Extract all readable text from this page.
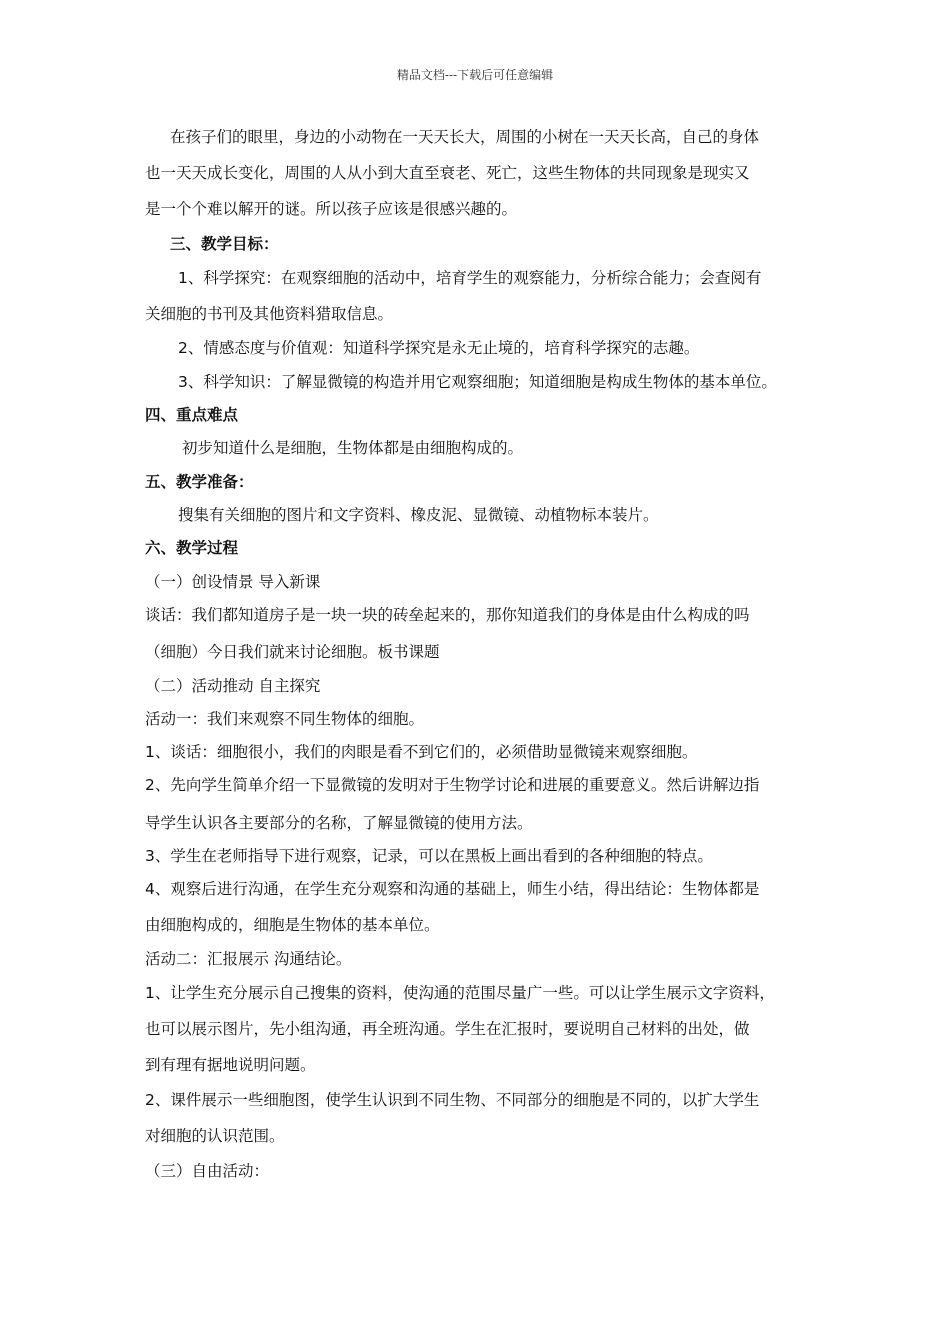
精品文档---下载后可任意编辑
在孩子们的眼里，身边的小动物在一天天长大，周围的小树在一天天长高，自己的身体
也一天天成长变化，周围的人从小到大直至衰老、死亡，这些生物体的共同现象是现实又
是一个个难以解开的谜。所以孩子应该是很感兴趣的。
三、教学目标：
1、科学探究：在观察细胞的活动中，培育学生的观察能力，分析综合能力；会查阅有
关细胞的书刊及其他资料猎取信息。
2、情感态度与价值观：知道科学探究是永无止境的，培育科学探究的志趣。
3、科学知识：了解显微镜的构造并用它观察细胞；知道细胞是构成生物体的基本单位。
四、重点难点
初步知道什么是细胞，生物体都是由细胞构成的。
五、教学准备：
搜集有关细胞的图片和文字资料、橡皮泥、显微镜、动植物标本装片。
六、教学过程
（一）创设情景 导入新课
谈话：我们都知道房子是一块一块的砖垒起来的，那你知道我们的身体是由什么构成的吗
（细胞）今日我们就来讨论细胞。板书课题
（二）活动推动 自主探究
活动一：我们来观察不同生物体的细胞。
1、谈话：细胞很小，我们的肉眼是看不到它们的，必须借助显微镜来观察细胞。
2、先向学生简单介绍一下显微镜的发明对于生物学讨论和进展的重要意义。然后讲解边指
导学生认识各主要部分的名称，了解显微镜的使用方法。
3、学生在老师指导下进行观察，记录，可以在黑板上画出看到的各种细胞的特点。
4、观察后进行沟通，在学生充分观察和沟通的基础上，师生小结，得出结论：生物体都是
由细胞构成的，细胞是生物体的基本单位。
活动二：汇报展示 沟通结论。
1、让学生充分展示自己搜集的资料，使沟通的范围尽量广一些。可以让学生展示文字资料，
也可以展示图片，先小组沟通，再全班沟通。学生在汇报时，要说明自己材料的出处，做
到有理有据地说明问题。
2、课件展示一些细胞图，使学生认识到不同生物、不同部分的细胞是不同的，以扩大学生
对细胞的认识范围。
（三）自由活动：
